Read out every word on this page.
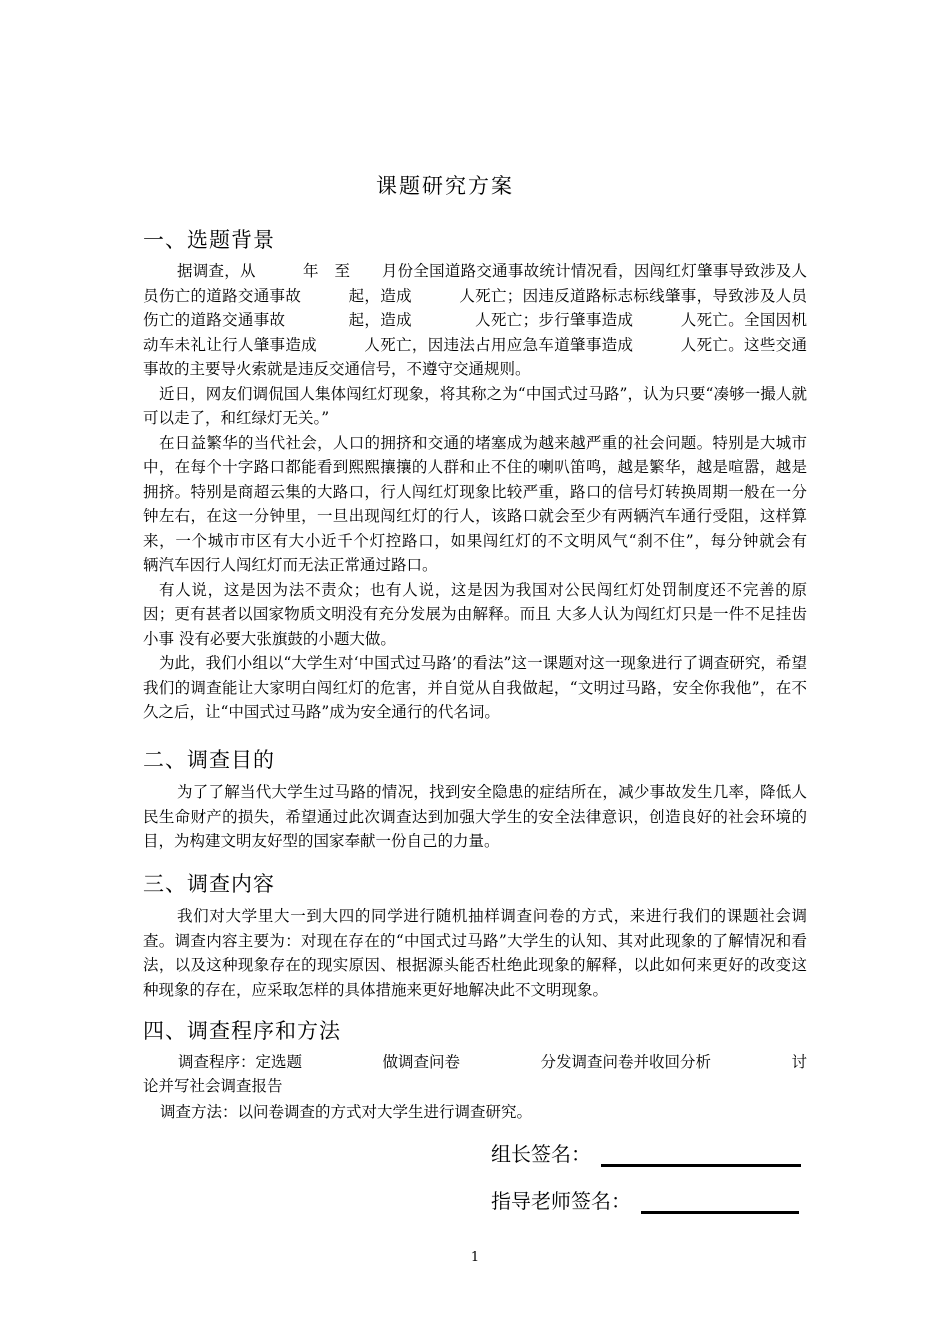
课题研究方案
一、选题背景

据调查，从　　　年　至　　月份全国道路交通事故统计情况看，因闯红灯肇事导致涉及人员伤亡的道路交通事故　　　起，造成　　　人死亡；因违反道路标志标线肇事，导致涉及人员伤亡的道路交通事故　　　　起，造成　　　　人死亡；步行肇事造成　　　人死亡。全国因机动车未礼让行人肇事造成　　　人死亡，因违法占用应急车道肇事造成　　　人死亡。这些交通事故的主要导火索就是违反交通信号，不遵守交通规则。

近日，网友们调侃国人集体闯红灯现象，将其称之为“中国式过马路”，认为只要“凑够一撮人就可以走了，和红绿灯无关。”

在日益繁华的当代社会，人口的拥挤和交通的堵塞成为越来越严重的社会问题。特别是大城市中，在每个十字路口都能看到熙熙攘攘的人群和止不住的喇叭笛鸣，越是繁华，越是喧嚣，越是拥挤。特别是商超云集的大路口，行人闯红灯现象比较严重，路口的信号灯转换周期一般在一分钟左右，在这一分钟里，一旦出现闯红灯的行人，该路口就会至少有两辆汽车通行受阻，这样算来，一个城市市区有大小近千个灯控路口，如果闯红灯的不文明风气“刹不住”，每分钟就会有　　　辆汽车因行人闯红灯而无法正常通过路口。

有人说，这是因为法不责众；也有人说，这是因为我国对公民闯红灯处罚制度还不完善的原因；更有甚者以国家物质文明没有充分发展为由解释。而且 大多人认为闯红灯只是一件不足挂齿小事 没有必要大张旗鼓的小题大做。

为此，我们小组以“大学生对‘中国式过马路’的看法”这一课题对这一现象进行了调查研究，希望我们的调查能让大家明白闯红灯的危害，并自觉从自我做起，“文明过马路，安全你我他”，在不久之后，让“中国式过马路”成为安全通行的代名词。

二、调查目的

为了了解当代大学生过马路的情况，找到安全隐患的症结所在，减少事故发生几率，降低人民生命财产的损失，希望通过此次调查达到加强大学生的安全法律意识，创造良好的社会环境的目，为构建文明友好型的国家奉献一份自己的力量。

三、调查内容

我们对大学里大一到大四的同学进行随机抽样调查问卷的方式，来进行我们的课题社会调查。调查内容主要为：对现在存在的“中国式过马路”大学生的认知、其对此现象的了解情况和看法，以及这种现象存在的现实原因、根据源头能否杜绝此现象的解释，以此如何来更好的改变这种现象的存在，应采取怎样的具体措施来更好地解决此不文明现象。

四、调查程序和方法
调查程序：定选题	做调查问卷	分发调查问卷并收回分析	讨
论并写社会调查报告
调查方法：以问卷调查的方式对大学生进行调查研究。
组长签名：
指导老师签名：
1
